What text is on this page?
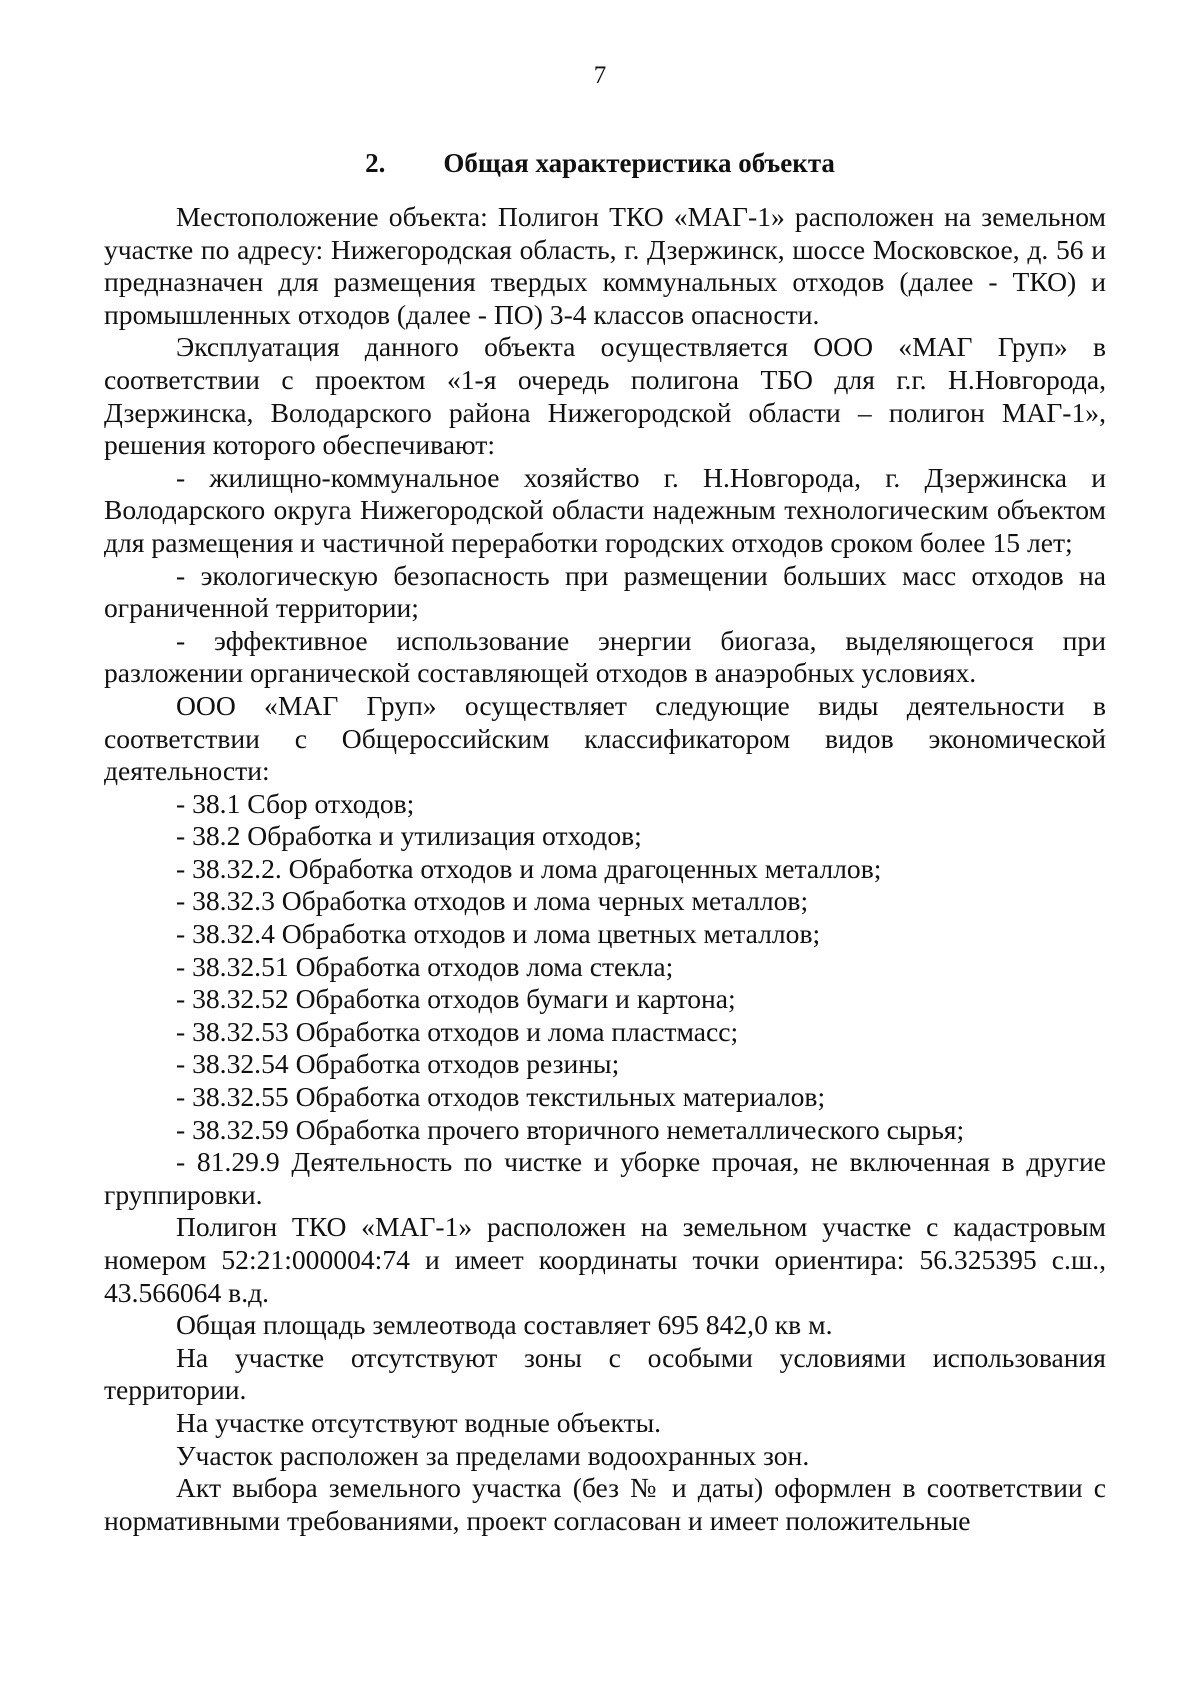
7
2. Общая характеристика объекта

Местоположение объекта: Полигон ТКО «МАГ-1» расположен на земельном участке по адресу: Нижегородская область, г. Дзержинск, шоссе Московское, д. 56 и предназначен для размещения твердых коммунальных отходов (далее - ТКО) и промышленных отходов (далее - ПО) 3-4 классов опасности.

Эксплуатация данного объекта осуществляется ООО «МАГ Груп» в соответствии с проектом «1-я очередь полигона ТБО для г.г. Н.Новгорода, Дзержинска, Володарского района Нижегородской области – полигон МАГ-1», решения которого обеспечивают:

- жилищно-коммунальное хозяйство г. Н.Новгорода, г. Дзержинска и Володарского округа Нижегородской области надежным технологическим объектом для размещения и частичной переработки городских отходов сроком более 15 лет;

- экологическую безопасность при размещении больших масс отходов на ограниченной территории;

- эффективное использование энергии биогаза, выделяющегося при разложении органической составляющей отходов в анаэробных условиях.

ООО «МАГ Груп» осуществляет следующие виды деятельности в соответствии с Общероссийским классификатором видов экономической деятельности:

- 38.1 Сбор отходов;

- 38.2 Обработка и утилизация отходов;

- 38.32.2. Обработка отходов и лома драгоценных металлов;

- 38.32.3 Обработка отходов и лома черных металлов;

- 38.32.4 Обработка отходов и лома цветных металлов;

- 38.32.51 Обработка отходов лома стекла;

- 38.32.52 Обработка отходов бумаги и картона;

- 38.32.53 Обработка отходов и лома пластмасс;

- 38.32.54 Обработка отходов резины;

- 38.32.55 Обработка отходов текстильных материалов;

- 38.32.59 Обработка прочего вторичного неметаллического сырья;

- 81.29.9 Деятельность по чистке и уборке прочая, не включенная в другие группировки.

Полигон ТКО «МАГ-1» расположен на земельном участке с кадастровым номером 52:21:000004:74 и имеет координаты точки ориентира: 56.325395 с.ш., 43.566064 в.д.

Общая площадь землеотвода составляет 695 842,0 кв м.

На участке отсутствуют зоны с особыми условиями использования территории.

На участке отсутствуют водные объекты.

Участок расположен за пределами водоохранных зон.

Акт выбора земельного участка (без № и даты) оформлен в соответствии с нормативными требованиями, проект согласован и имеет положительные
